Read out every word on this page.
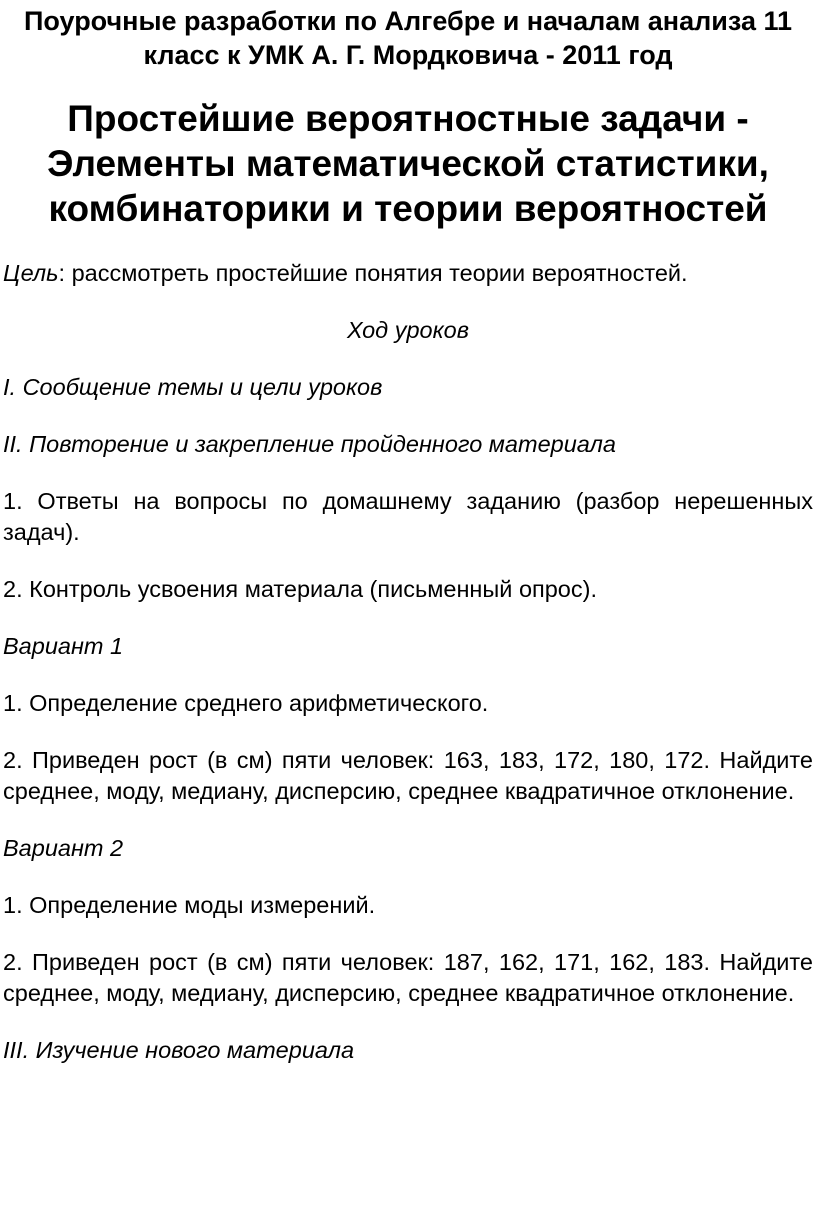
Поурочные разработки по Алгебре и началам анализа 11 класс к УМК А. Г. Мордковича - 2011 год
Простейшие вероятностные задачи - Элементы математической статистики, комбинаторики и теории вероятностей

Цель: рассмотреть простейшие понятия теории вероятностей.

Ход уроков

I. Сообщение темы и цели уроков

II. Повторение и закрепление пройденного материала

1. Ответы на вопросы по домашнему заданию (разбор нерешенных задач).

2. Контроль усвоения материала (письменный опрос).

Вариант 1

1. Определение среднего арифметического.

2. Приведен рост (в см) пяти человек: 163, 183, 172, 180, 172. Найдите среднее, моду, медиану, дисперсию, среднее квадратичное отклонение.

Вариант 2

1. Определение моды измерений.

2. Приведен рост (в см) пяти человек: 187, 162, 171, 162, 183. Найдите среднее, моду, медиану, дисперсию, среднее квадратичное отклонение.

III. Изучение нового материала
